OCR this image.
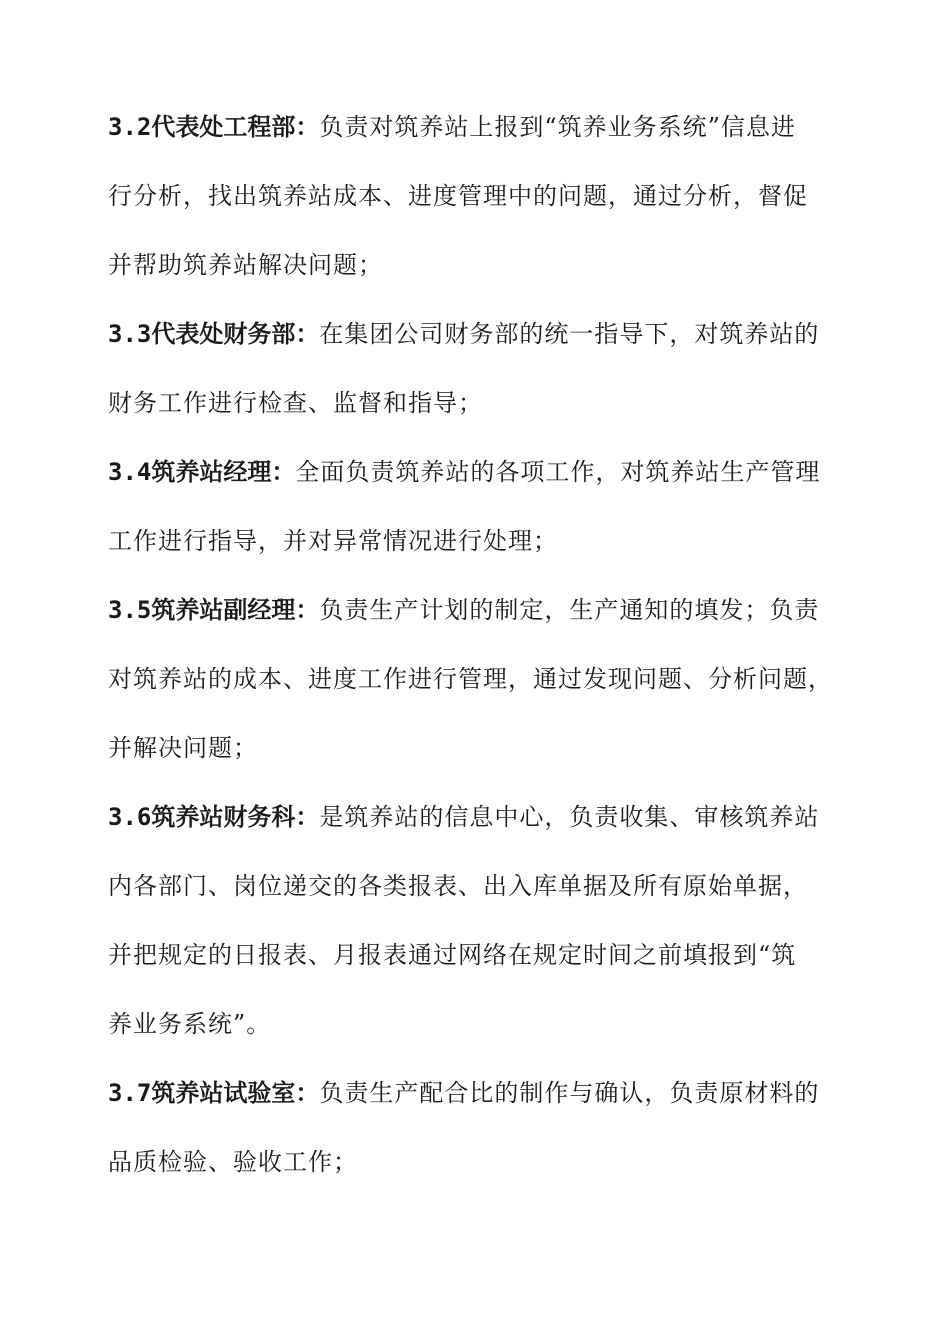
3.2代表处工程部：负责对筑养站上报到“筑养业务系统”信息进
行分析，找出筑养站成本、进度管理中的问题，通过分析，督促
并帮助筑养站解决问题；
3.3代表处财务部：在集团公司财务部的统一指导下，对筑养站的
财务工作进行检查、监督和指导；
3.4筑养站经理：全面负责筑养站的各项工作，对筑养站生产管理
工作进行指导，并对异常情况进行处理；
3.5筑养站副经理：负责生产计划的制定，生产通知的填发；负责
对筑养站的成本、进度工作进行管理，通过发现问题、分析问题，
并解决问题；
3.6筑养站财务科：是筑养站的信息中心，负责收集、审核筑养站
内各部门、岗位递交的各类报表、出入库单据及所有原始单据，
并把规定的日报表、月报表通过网络在规定时间之前填报到“筑
养业务系统”。
3.7筑养站试验室：负责生产配合比的制作与确认，负责原材料的
品质检验、验收工作；
